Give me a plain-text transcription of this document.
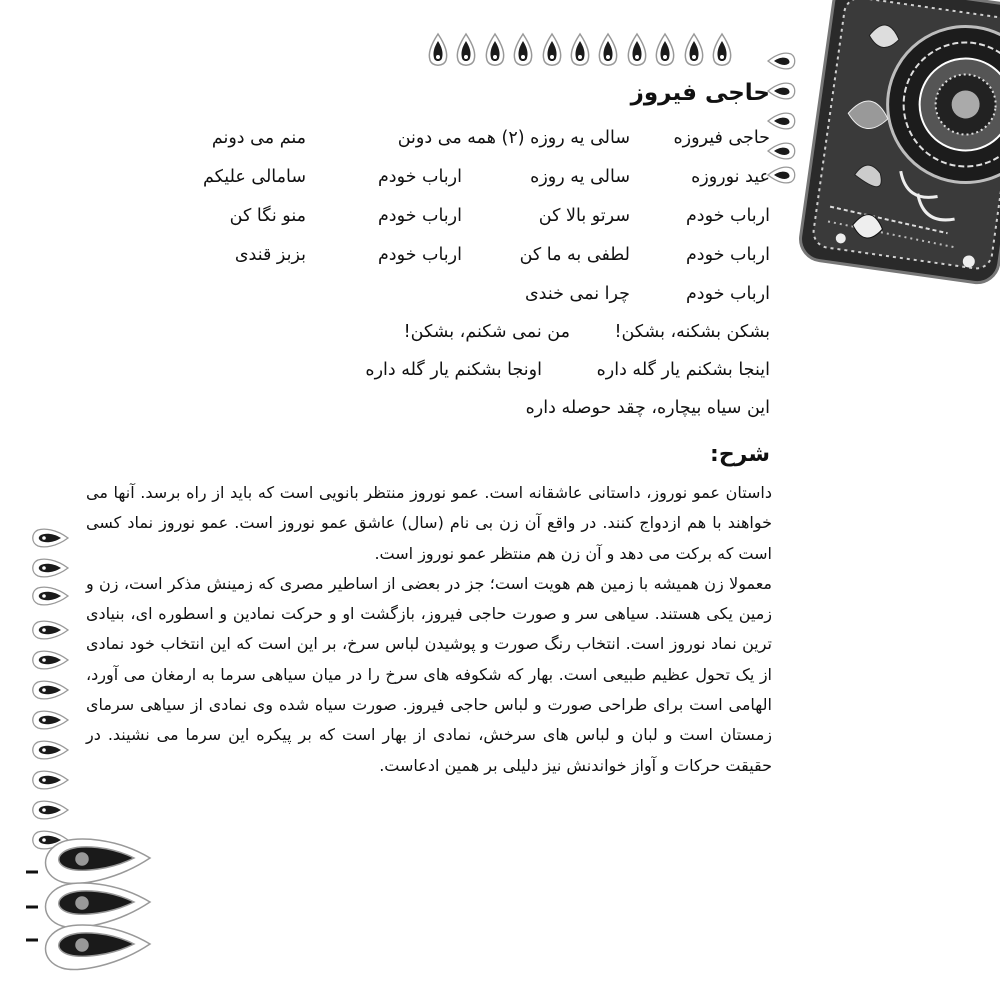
حاجی فیروز
حاجی فیروزه
سالی یه روزه (۲) همه می دونن
منم می دونم
عید نوروزه
سالی یه روزه
ارباب خودم
سامالی علیکم
ارباب خودم
سرتو بالا کن
ارباب خودم
منو نگا کن
ارباب خودم
لطفی به ما کن
ارباب خودم
بزبز قندی
ارباب خودم
چرا نمی خندی
بشکن بشکنه، بشکن!
من نمی شکنم، بشکن!
اینجا بشکنم یار گله داره
اونجا بشکنم یار گله داره
این سیاه بیچاره، چقد حوصله داره
شرح:

داستان عمو نوروز، داستانی عاشقانه است. عمو نوروز منتظر بانویی است که باید از راه برسد. آنها می خواهند با هم ازدواج کنند. در واقع آن زن بی نام (سال) عاشق عمو نوروز است. عمو نوروز نماد کسی است که برکت می دهد و آن زن هم منتظر عمو نوروز است.

معمولا زن همیشه با زمین هم هویت است؛ جز در بعضی از اساطیر مصری که زمینش مذکر است، زن و زمین یکی هستند. سیاهی سر و صورت حاجی فیروز، بازگشت او و حرکت نمادین و اسطوره ای، بنیادی ترین نماد نوروز است. انتخاب رنگ صورت و پوشیدن لباس سرخ، بر این است که این انتخاب خود نمادی از یک تحول عظیم طبیعی است. بهار که شکوفه های سرخ را در میان سیاهی سرما به ارمغان می آورد، الهامی است برای طراحی صورت و لباس حاجی فیروز. صورت سیاه شده وی نمادی از سیاهی سرمای زمستان است و لبان و لباس های سرخش، نمادی از بهار است که بر پیکره این سرما می نشیند. در حقیقت حرکات و آواز خواندنش نیز دلیلی بر همین ادعاست.
